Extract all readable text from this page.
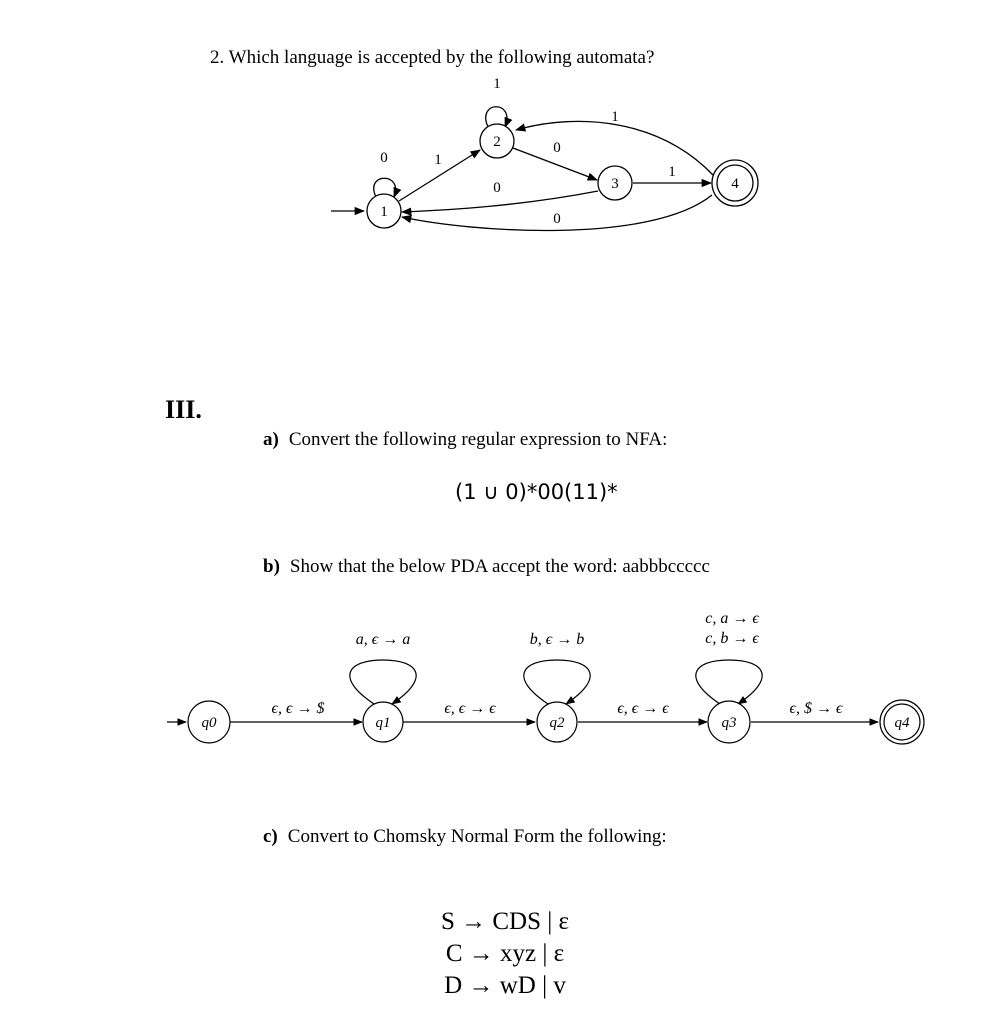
2. Which language is accepted by the following automata?
1
2
3	4
0	1
1
0
0
1
1
0
III.
a) Convert the following regular expression to NFA:
(1 ∪ 0)*00(11)*
b) Show that the below PDA accept the word: aabbbccccc
q0	q1	q2	q3	q4
ϵ, ϵ → $	ϵ, ϵ → ϵ	ϵ, ϵ → ϵ	ϵ, $ → ϵ
a, ϵ → a	b, ϵ → b
c, a → ϵ
c, b → ϵ
c) Convert to Chomsky Normal Form the following:
S → CDS | ε
C → xyz | ε
D → wD | v
